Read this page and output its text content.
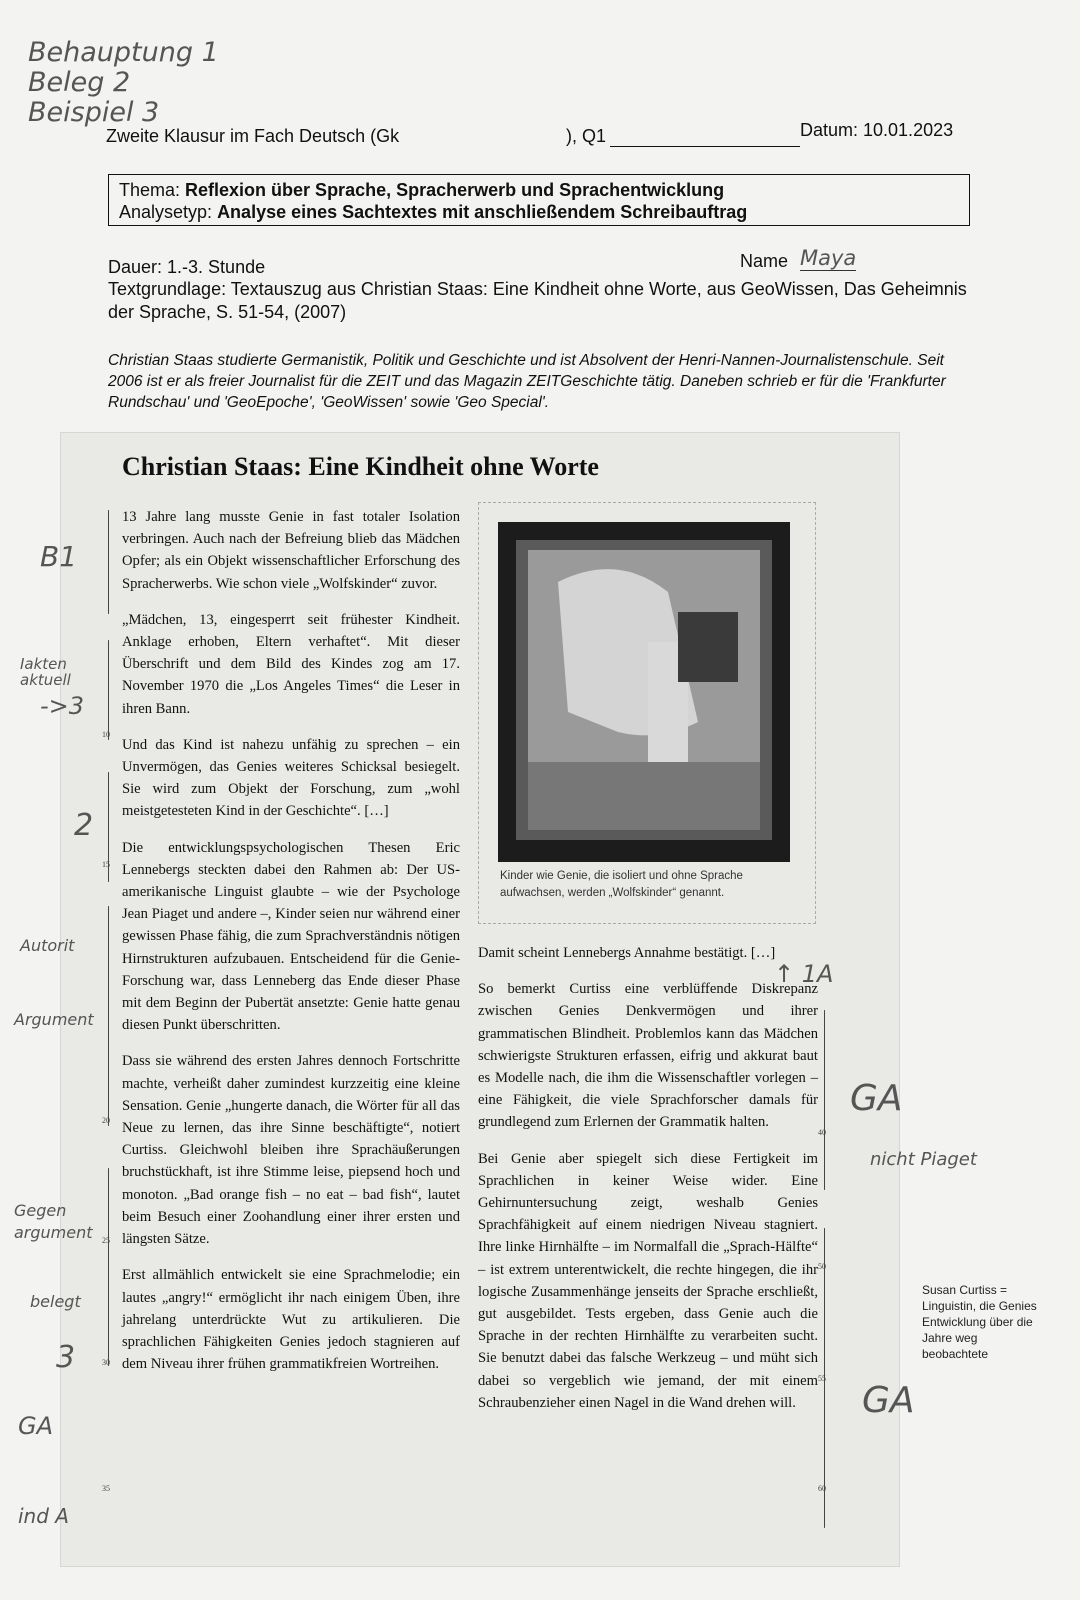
Behauptung 1
Beleg 2
Beispiel 3
Zweite Klausur im Fach Deutsch (Gk	), Q1	Datum: 10.01.2023
Thema: Reflexion über Sprache, Spracherwerb und Sprachentwicklung
Analysetyp: Analyse eines Sachtextes mit anschließendem Schreibauftrag
Dauer: 1.-3. Stunde	Name Maya
Textgrundlage: Textauszug aus Christian Staas: Eine Kindheit ohne Worte, aus GeoWissen, Das Geheimnis der Sprache, S. 51-54, (2007)
Christian Staas studierte Germanistik, Politik und Geschichte und ist Absolvent der Henri-Nannen-Journalistenschule. Seit 2006 ist er als freier Journalist für die ZEIT und das Magazin ZEITGeschichte tätig. Daneben schrieb er für die 'Frankfurter Rundschau' und 'GeoEpoche', 'GeoWissen' sowie 'Geo Special'.
Christian Staas: Eine Kindheit ohne Worte

13 Jahre lang musste Genie in fast totaler Isolation verbringen. Auch nach der Befreiung blieb das Mädchen Opfer; als ein Objekt wissenschaftlicher Erforschung des Spracherwerbs. Wie schon viele „Wolfskinder“ zuvor.

„Mädchen, 13, eingesperrt seit frühester Kindheit. Anklage erhoben, Eltern verhaftet“. Mit dieser Überschrift und dem Bild des Kindes zog am 17. November 1970 die „Los Angeles Times“ die Leser in ihren Bann.

Und das Kind ist nahezu unfähig zu sprechen – ein Unvermögen, das Genies weiteres Schicksal besiegelt. Sie wird zum Objekt der Forschung, zum „wohl meistgetesteten Kind in der Geschichte“. […]

Die entwicklungspsychologischen Thesen Eric Lennebergs steckten dabei den Rahmen ab: Der US-amerikanische Linguist glaubte – wie der Psychologe Jean Piaget und andere –, Kinder seien nur während einer gewissen Phase fähig, die zum Sprachverständnis nötigen Hirnstrukturen aufzubauen. Entscheidend für die Genie-Forschung war, dass Lenneberg das Ende dieser Phase mit dem Beginn der Pubertät ansetzte: Genie hatte genau diesen Punkt überschritten.

Dass sie während des ersten Jahres dennoch Fortschritte machte, verheißt daher zumindest kurzzeitig eine kleine Sensation. Genie „hungerte danach, die Wörter für all das Neue zu lernen, das ihre Sinne beschäftigte“, notiert Curtiss. Gleichwohl bleiben ihre Sprachäußerungen bruchstückhaft, ist ihre Stimme leise, piepsend hoch und monoton. „Bad orange fish – no eat – bad fish“, lautet beim Besuch einer Zoohandlung einer ihrer ersten und längsten Sätze.

Erst allmählich entwickelt sie eine Sprachmelodie; ein lautes „angry!“ ermöglicht ihr nach einigem Üben, ihre jahrelang unterdrückte Wut zu artikulieren. Die sprachlichen Fähigkeiten Genies jedoch stagnieren auf dem Niveau ihrer frühen grammatikfreien Wortreihen.

Kinder wie Genie, die isoliert und ohne Sprache aufwachsen, werden „Wolfskinder“ genannt.

Damit scheint Lennebergs Annahme bestätigt. […]

So bemerkt Curtiss eine verblüffende Diskrepanz zwischen Genies Denkvermögen und ihrer grammatischen Blindheit. Problemlos kann das Mädchen schwierigste Strukturen erfassen, eifrig und akkurat baut es Modelle nach, die ihm die Wissenschaftler vorlegen – eine Fähigkeit, die viele Sprachforscher damals für grundlegend zum Erlernen der Grammatik halten.

Bei Genie aber spiegelt sich diese Fertigkeit im Sprachlichen in keiner Weise wider. Eine Gehirnuntersuchung zeigt, weshalb Genies Sprachfähigkeit auf einem niedrigen Niveau stagniert. Ihre linke Hirnhälfte – im Normalfall die „Sprach-Hälfte“ – ist extrem unterentwickelt, die rechte hingegen, die ihr logische Zusammenhänge jenseits der Sprache erschließt, gut ausgebildet. Tests ergeben, dass Genie auch die Sprache in der rechten Hirnhälfte zu verarbeiten sucht. Sie benutzt dabei das falsche Werkzeug – und müht sich dabei so vergeblich wie jemand, der mit einem Schraubenzieher einen Nagel in die Wand drehen will.

Susan Curtiss = Linguistin, die Genies Entwicklung über die Jahre weg beobachtete
10
15
20
25
30
35
40
50
55
60
B1
Iakten aktuell
->3
2
Autorit
Argument
Gegen argument
belegt
3
GA
ind A
↑ 1A
GA
nicht Piaget
GA
